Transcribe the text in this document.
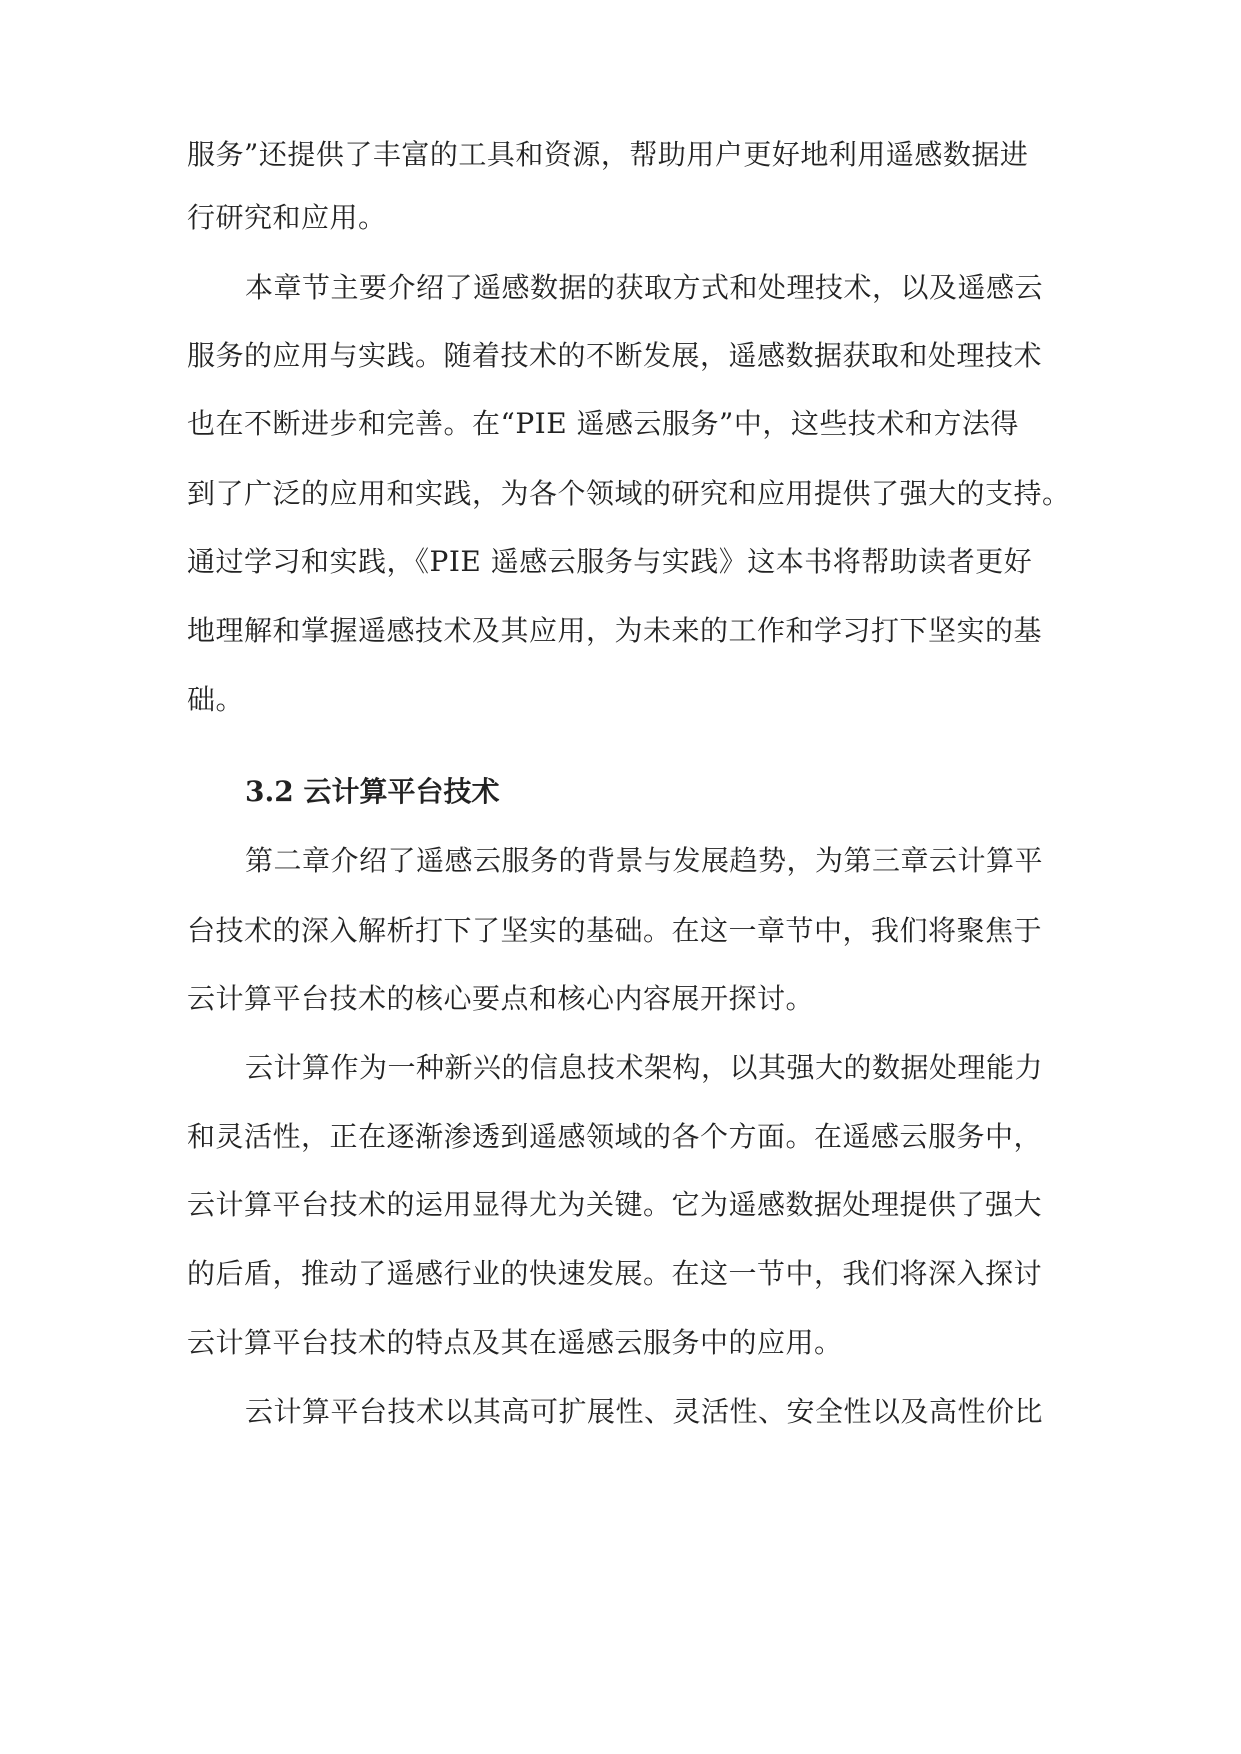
服务”还提供了丰富的工具和资源，帮助用户更好地利用遥感数据进
行研究和应用。
本章节主要介绍了遥感数据的获取方式和处理技术，以及遥感云
服务的应用与实践。随着技术的不断发展，遥感数据获取和处理技术
也在不断进步和完善。在“PIE 遥感云服务”中，这些技术和方法得
到了广泛的应用和实践，为各个领域的研究和应用提供了强大的支持。
通过学习和实践，《PIE 遥感云服务与实践》这本书将帮助读者更好
地理解和掌握遥感技术及其应用，为未来的工作和学习打下坚实的基
础。
3.2 云计算平台技术
第二章介绍了遥感云服务的背景与发展趋势，为第三章云计算平
台技术的深入解析打下了坚实的基础。在这一章节中，我们将聚焦于
云计算平台技术的核心要点和核心内容展开探讨。
云计算作为一种新兴的信息技术架构，以其强大的数据处理能力
和灵活性，正在逐渐渗透到遥感领域的各个方面。在遥感云服务中，
云计算平台技术的运用显得尤为关键。它为遥感数据处理提供了强大
的后盾，推动了遥感行业的快速发展。在这一节中，我们将深入探讨
云计算平台技术的特点及其在遥感云服务中的应用。
云计算平台技术以其高可扩展性、灵活性、安全性以及高性价比
